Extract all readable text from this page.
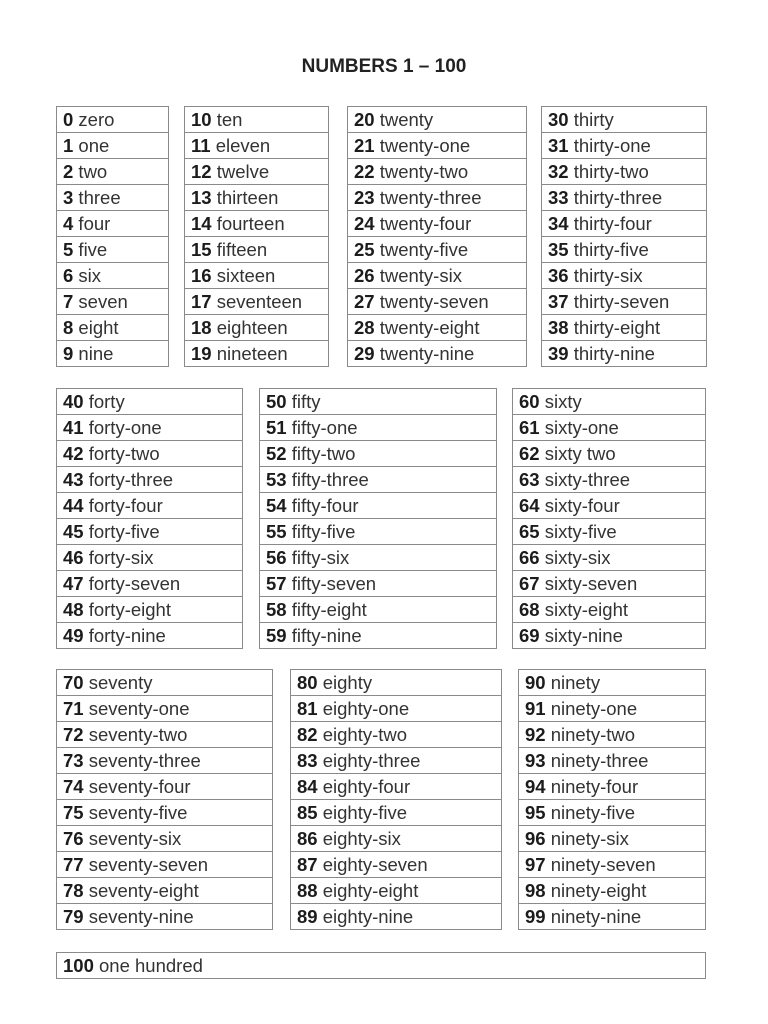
NUMBERS 1 – 100
0 zero
1 one
2 two
3 three
4 four
5 five
6 six
7 seven
8 eight
9 nine
10 ten
11 eleven
12 twelve
13 thirteen
14 fourteen
15 fifteen
16 sixteen
17 seventeen
18 eighteen
19 nineteen
20 twenty
21 twenty-one
22 twenty-two
23 twenty-three
24 twenty-four
25 twenty-five
26 twenty-six
27 twenty-seven
28 twenty-eight
29 twenty-nine
30 thirty
31 thirty-one
32 thirty-two
33 thirty-three
34 thirty-four
35 thirty-five
36 thirty-six
37 thirty-seven
38 thirty-eight
39 thirty-nine
40 forty
41 forty-one
42 forty-two
43 forty-three
44 forty-four
45 forty-five
46 forty-six
47 forty-seven
48 forty-eight
49 forty-nine
50 fifty
51 fifty-one
52 fifty-two
53 fifty-three
54 fifty-four
55 fifty-five
56 fifty-six
57 fifty-seven
58 fifty-eight
59 fifty-nine
60 sixty
61 sixty-one
62 sixty two
63 sixty-three
64 sixty-four
65 sixty-five
66 sixty-six
67 sixty-seven
68 sixty-eight
69 sixty-nine
70 seventy
71 seventy-one
72 seventy-two
73 seventy-three
74 seventy-four
75 seventy-five
76 seventy-six
77 seventy-seven
78 seventy-eight
79 seventy-nine
80 eighty
81 eighty-one
82 eighty-two
83 eighty-three
84 eighty-four
85 eighty-five
86 eighty-six
87 eighty-seven
88 eighty-eight
89 eighty-nine
90 ninety
91 ninety-one
92 ninety-two
93 ninety-three
94 ninety-four
95 ninety-five
96 ninety-six
97 ninety-seven
98 ninety-eight
99 ninety-nine
100 one hundred
